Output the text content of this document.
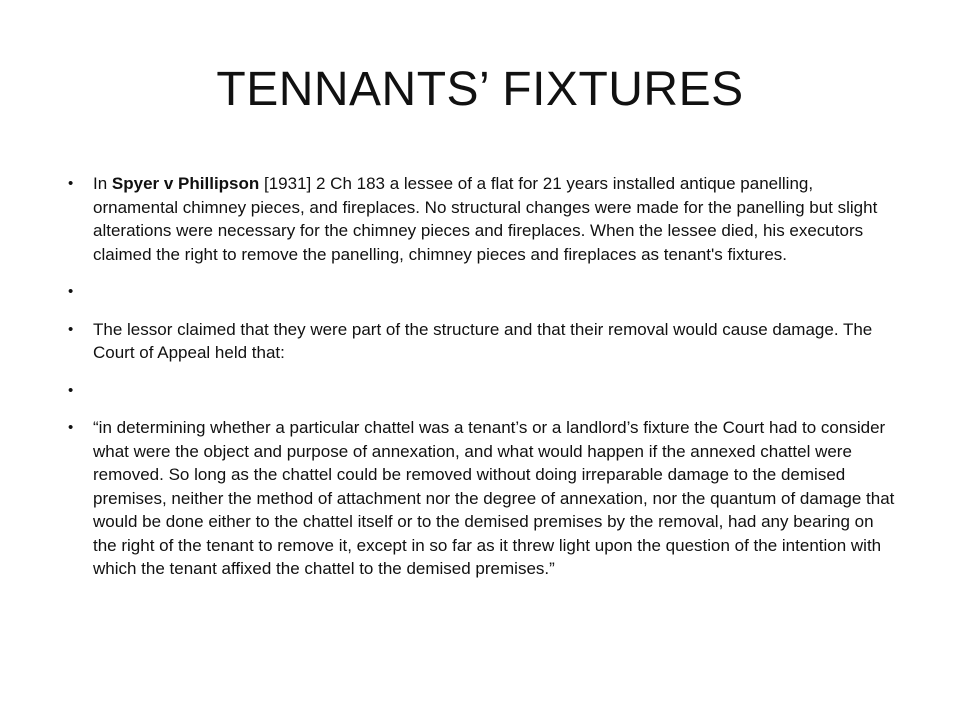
TENNANTS’ FIXTURES
• In Spyer v Phillipson [1931] 2 Ch 183 a lessee of a flat for 21 years installed antique panelling, ornamental chimney pieces, and fireplaces. No structural changes were made for the panelling but slight alterations were necessary for the chimney pieces and fireplaces. When the lessee died, his executors claimed the right to remove the panelling, chimney pieces and fireplaces as tenant's fixtures.
•
• The lessor claimed that they were part of the structure and that their removal would cause damage. The Court of Appeal held that:
•
• “in determining whether a particular chattel was a tenant’s or a landlord’s fixture the Court had to consider what were the object and purpose of annexation, and what would happen if the annexed chattel were removed. So long as the chattel could be removed without doing irreparable damage to the demised premises, neither the method of attachment nor the degree of annexation, nor the quantum of damage that would be done either to the chattel itself or to the demised premises by the removal, had any bearing on the right of the tenant to remove it, except in so far as it threw light upon the question of the intention with which the tenant affixed the chattel to the demised premises.”
